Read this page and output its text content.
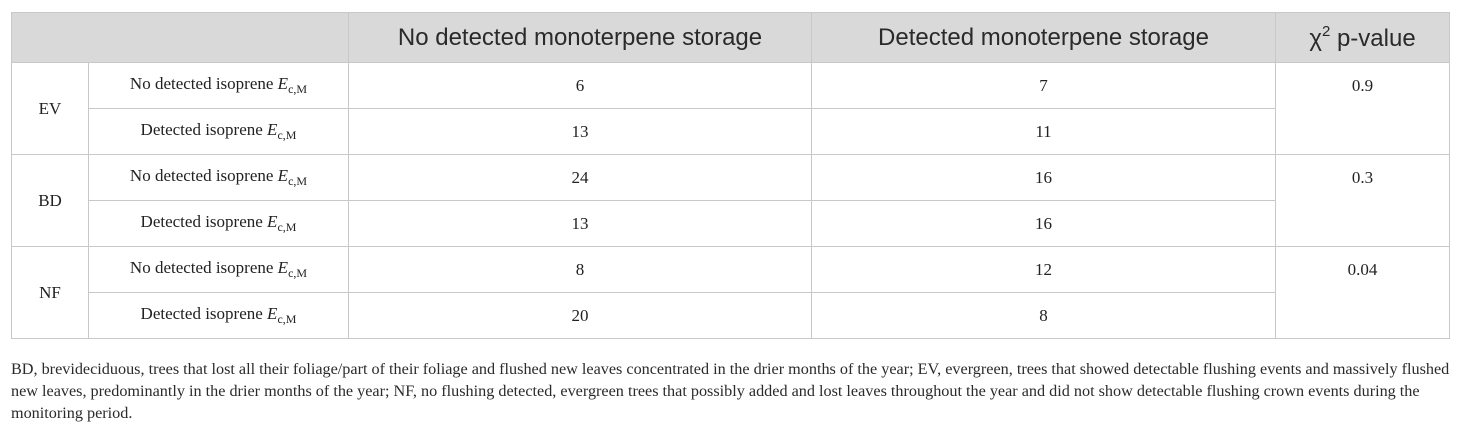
		No detected monoterpene storage	Detected monoterpene storage	$\chi^2$ p-value
EV	No detected isoprene $E_{c,M}$	6	7	0.9
	Detected isoprene $E_{c,M}$	13	11	
BD	No detected isoprene $E_{c,M}$	24	16	0.3
	Detected isoprene $E_{c,M}$	13	16	
NF	No detected isoprene $E_{c,M}$	8	12	0.04
	Detected isoprene $E_{c,M}$	20	8	

BD, brevideciduous, trees that lost all their foliage/part of their foliage and flushed new leaves concentrated in the drier months of the year; EV, evergreen, trees that showed detectable flushing events and massively flushed new leaves, predominantly in the drier months of the year; NF, no flushing detected, evergreen trees that possibly added and lost leaves throughout the year and did not show detectable flushing crown events during the monitoring period.
